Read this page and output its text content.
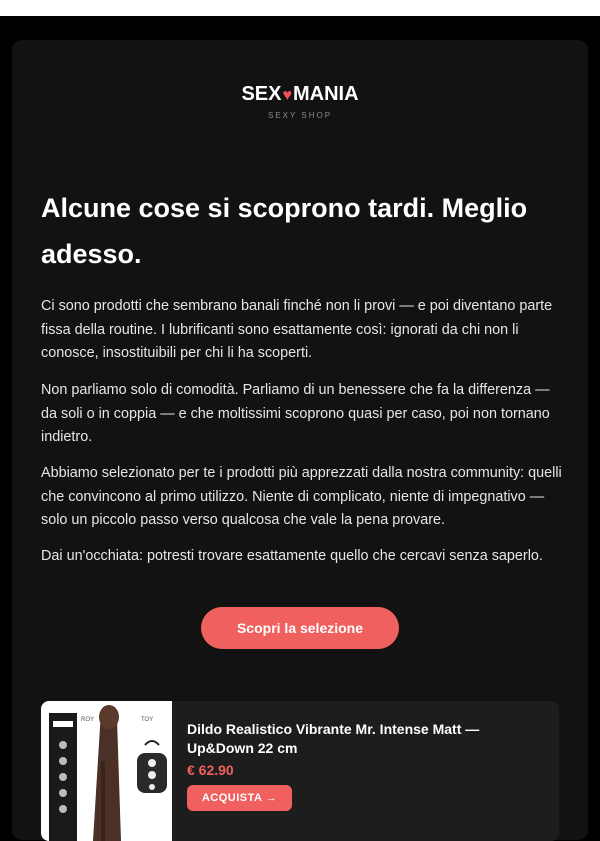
SEX♥MANIA
SEXY SHOP
Alcune cose si scoprono tardi. Meglio adesso.

Ci sono prodotti che sembrano banali finché non li provi — e poi diventano parte fissa della routine. I lubrificanti sono esattamente così: ignorati da chi non li conosce, insostituibili per chi li ha scoperti.

Non parliamo solo di comodità. Parliamo di un benessere che fa la differenza — da soli o in coppia — e che moltissimi scoprono quasi per caso, poi non tornano indietro.

Abbiamo selezionato per te i prodotti più apprezzati dalla nostra community: quelli che convincono al primo utilizzo. Niente di complicato, niente di impegnativo — solo un piccolo passo verso qualcosa che vale la pena provare.

Dai un'occhiata: potresti trovare esattamente quello che cercavi senza saperlo.

Scopri la selezione
ROY	TOY

Dildo Realistico Vibrante Mr. Intense Matt — Up&Down 22 cm

€ 62.90
ACQUISTA →
